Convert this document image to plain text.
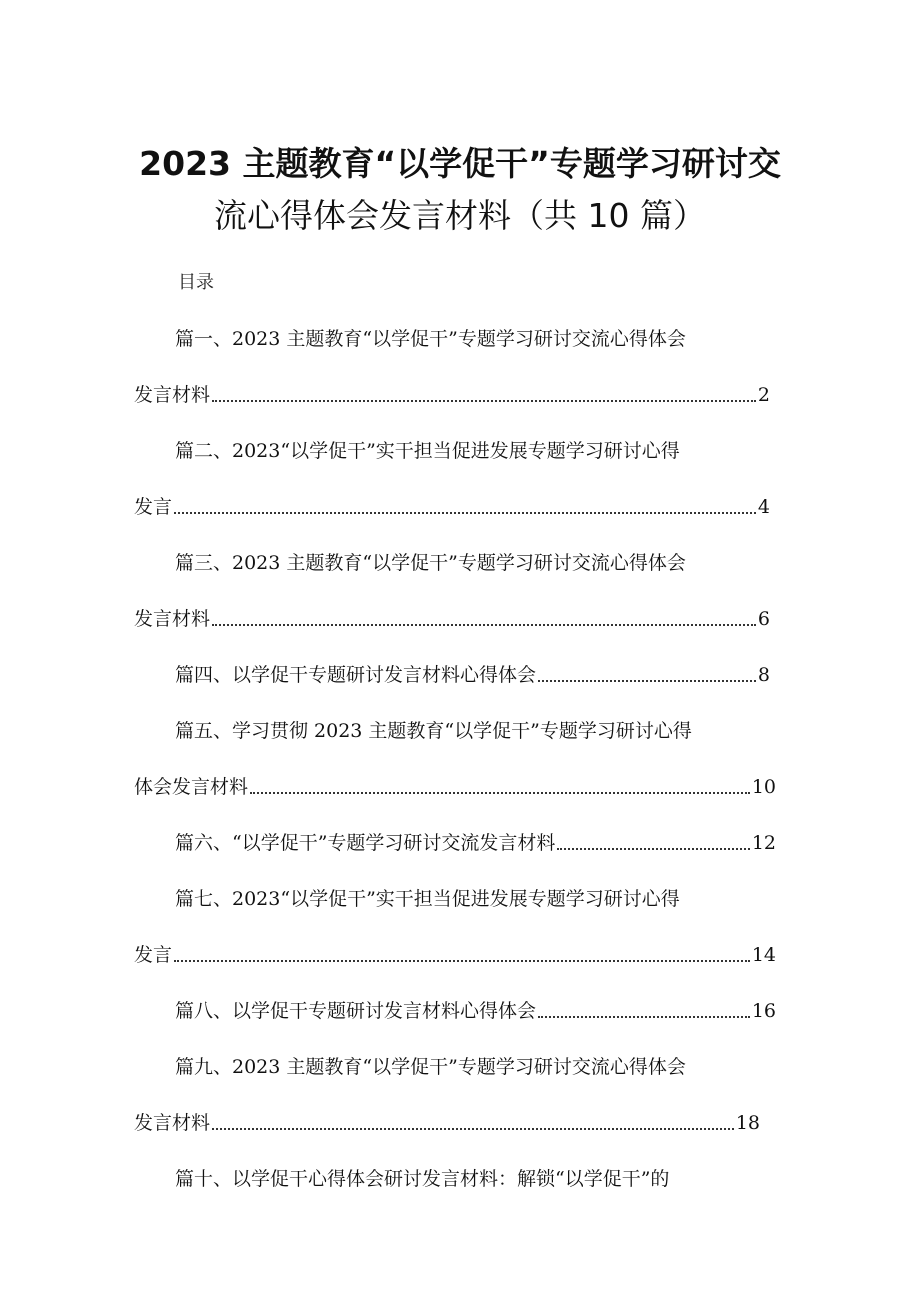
2023 主题教育“以学促干”专题学习研讨交
流心得体会发言材料（共 10 篇）
目录
篇一、2023 主题教育“以学促干”专题学习研讨交流心得体会
发言材料	2
篇二、2023“以学促干”实干担当促进发展专题学习研讨心得
发言	4
篇三、2023 主题教育“以学促干”专题学习研讨交流心得体会
发言材料	6
篇四、以学促干专题研讨发言材料心得体会	8
篇五、学习贯彻 2023 主题教育“以学促干”专题学习研讨心得
体会发言材料	10
篇六、“以学促干”专题学习研讨交流发言材料	12
篇七、2023“以学促干”实干担当促进发展专题学习研讨心得
发言	14
篇八、以学促干专题研讨发言材料心得体会	16
篇九、2023 主题教育“以学促干”专题学习研讨交流心得体会
发言材料	18
篇十、以学促干心得体会研讨发言材料：解锁“以学促干”的
